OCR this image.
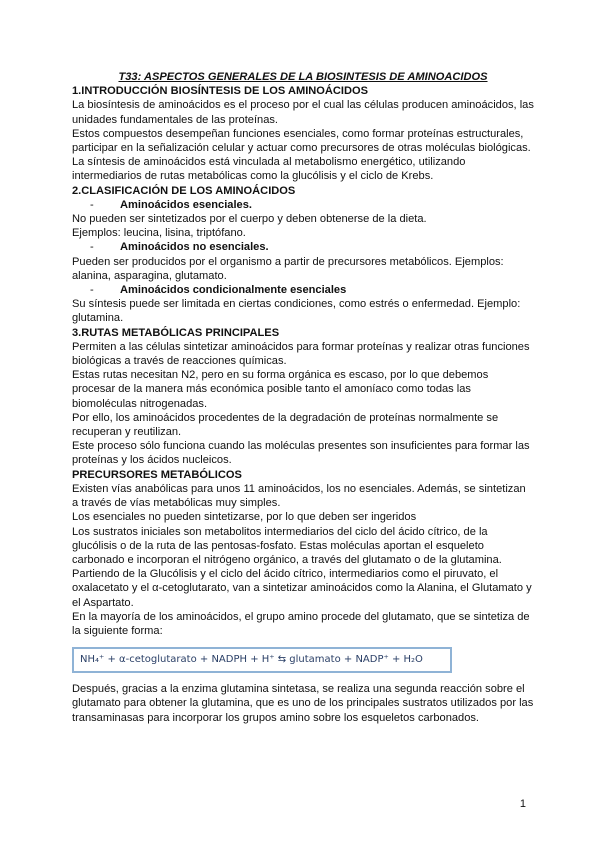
T33: ASPECTOS GENERALES DE LA BIOSINTESIS DE AMINOACIDOS

1.INTRODUCCIÓN BIOSÍNTESIS DE LOS AMINOÁCIDOS

La biosíntesis de aminoácidos es el proceso por el cual las células producen aminoácidos, las unidades fundamentales de las proteínas.

Estos compuestos desempeñan funciones esenciales, como formar proteínas estructurales, participar en la señalización celular y actuar como precursores de otras moléculas biológicas.

La síntesis de aminoácidos está vinculada al metabolismo energético, utilizando intermediarios de rutas metabólicas como la glucólisis y el ciclo de Krebs.

2.CLASIFICACIÓN DE LOS AMINOÁCIDOS

-	Aminoácidos esenciales.

No pueden ser sintetizados por el cuerpo y deben obtenerse de la dieta.

Ejemplos: leucina, lisina, triptófano.

-	Aminoácidos no esenciales.

Pueden ser producidos por el organismo a partir de precursores metabólicos. Ejemplos: alanina, asparagina, glutamato.

-	Aminoácidos condicionalmente esenciales

Su síntesis puede ser limitada en ciertas condiciones, como estrés o enfermedad. Ejemplo: glutamina.

3.RUTAS METABÓLICAS PRINCIPALES

Permiten a las células sintetizar aminoácidos para formar proteínas y realizar otras funciones biológicas a través de reacciones químicas.

Estas rutas necesitan N2, pero en su forma orgánica es escaso, por lo que debemos procesar de la manera más económica posible tanto el amoníaco como todas las biomoléculas nitrogenadas.

Por ello, los aminoácidos procedentes de la degradación de proteínas normalmente se recuperan y reutilizan.

Este proceso sólo funciona cuando las moléculas presentes son insuficientes para formar las proteínas y los ácidos nucleicos.

PRECURSORES METABÓLICOS

Existen vías anabólicas para unos 11 aminoácidos, los no esenciales. Además, se sintetizan a través de vías metabólicas muy simples.

Los esenciales no pueden sintetizarse, por lo que deben ser ingeridos

Los sustratos iniciales son metabolitos intermediarios del ciclo del ácido cítrico, de la glucólisis o de la ruta de las pentosas-fosfato. Estas moléculas aportan el esqueleto carbonado e incorporan el nitrógeno orgánico, a través del glutamato o de la glutamina.

Partiendo de la Glucólisis y el ciclo del ácido cítrico, intermediarios como el piruvato, el oxalacetato y el α-cetoglutarato, van a sintetizar aminoácidos como la Alanina, el Glutamato y el Aspartato.

En la mayoría de los aminoácidos, el grupo amino procede del glutamato, que se sintetiza de la siguiente forma:

NH₄⁺ + α-cetoglutarato + NADPH + H⁺ ⇆ glutamato + NADP⁺ + H₂O

Después, gracias a la enzima glutamina sintetasa, se realiza una segunda reacción sobre el glutamato para obtener la glutamina, que es uno de los principales sustratos utilizados por las transaminasas para incorporar los grupos amino sobre los esqueletos carbonados.

1
